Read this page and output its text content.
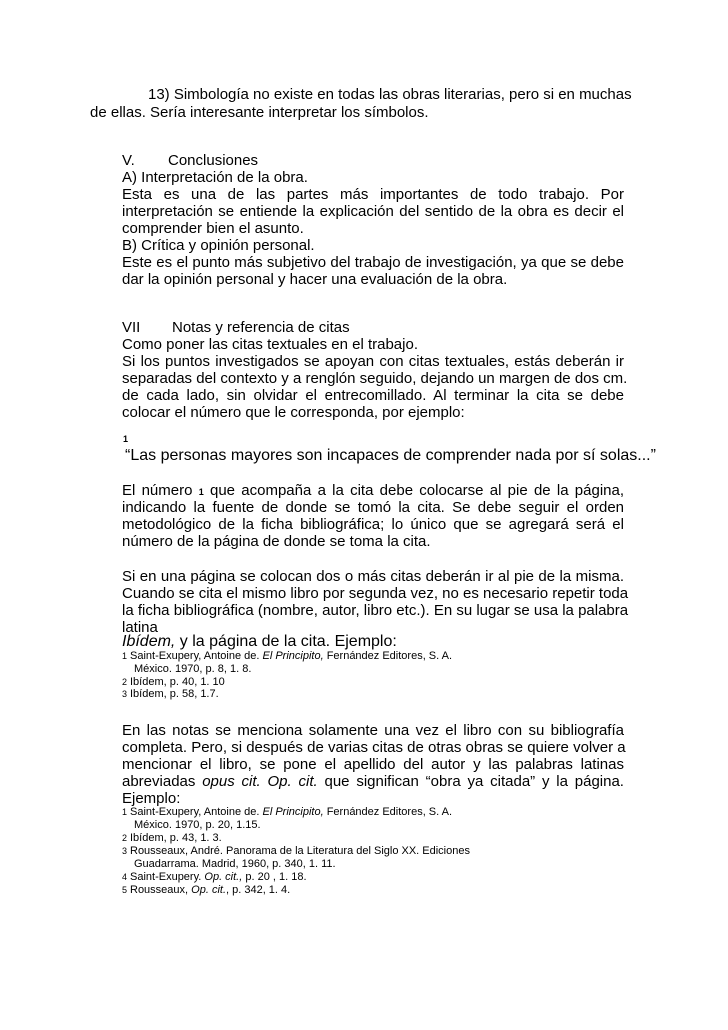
13) Simbología no existe en todas las obras literarias, pero si en muchas
de ellas. Sería interesante interpretar los símbolos.
V. Conclusiones
A) Interpretación de la obra.
Esta es una de las partes más importantes de todo trabajo. Por
interpretación se entiende la explicación del sentido de la obra es decir el
comprender bien el asunto.
B) Crítica y opinión personal.
Este es el punto más subjetivo del trabajo de investigación, ya que se debe
dar la opinión personal y hacer una evaluación de la obra.
VII Notas y referencia de citas
Como poner las citas textuales en el trabajo.
Si los puntos investigados se apoyan con citas textuales, estás deberán ir
separadas del contexto y a renglón seguido, dejando un margen de dos cm.
de cada lado, sin olvidar el entrecomillado. Al terminar la cita se debe
colocar el número que le corresponda, por ejemplo:
1
“Las personas mayores son incapaces de comprender nada por sí solas...”
El número 1 que acompaña a la cita debe colocarse al pie de la página,
indicando la fuente de donde se tomó la cita. Se debe seguir el orden
metodológico de la ficha bibliográfica; lo único que se agregará será el
número de la página de donde se toma la cita.
Si en una página se colocan dos o más citas deberán ir al pie de la misma.
Cuando se cita el mismo libro por segunda vez, no es necesario repetir toda
la ficha bibliográfica (nombre, autor, libro etc.). En su lugar se usa la palabra
latina
Ibídem, y la página de la cita. Ejemplo:
1 Saint-Exupery, Antoine de. El Principito, Fernández Editores, S. A.
México. 1970, p. 8, 1. 8.
2 Ibídem, p. 40, 1. 10
3 Ibídem, p. 58, 1.7.
En las notas se menciona solamente una vez el libro con su bibliografía
completa. Pero, si después de varias citas de otras obras se quiere volver a
mencionar el libro, se pone el apellido del autor y las palabras latinas
abreviadas opus cit. Op. cit. que significan “obra ya citada” y la página.
Ejemplo:
1 Saint-Exupery, Antoine de. El Principito, Fernández Editores, S. A.
México. 1970, p. 20, 1.15.
2 Ibídem, p. 43, 1. 3.
3 Rousseaux, André. Panorama de la Literatura del Siglo XX. Ediciones
Guadarrama. Madrid, 1960, p. 340, 1. 11.
4 Saint-Exupery. Op. cit., p. 20 , 1. 18.
5 Rousseaux, Op. cit., p. 342, 1. 4.
